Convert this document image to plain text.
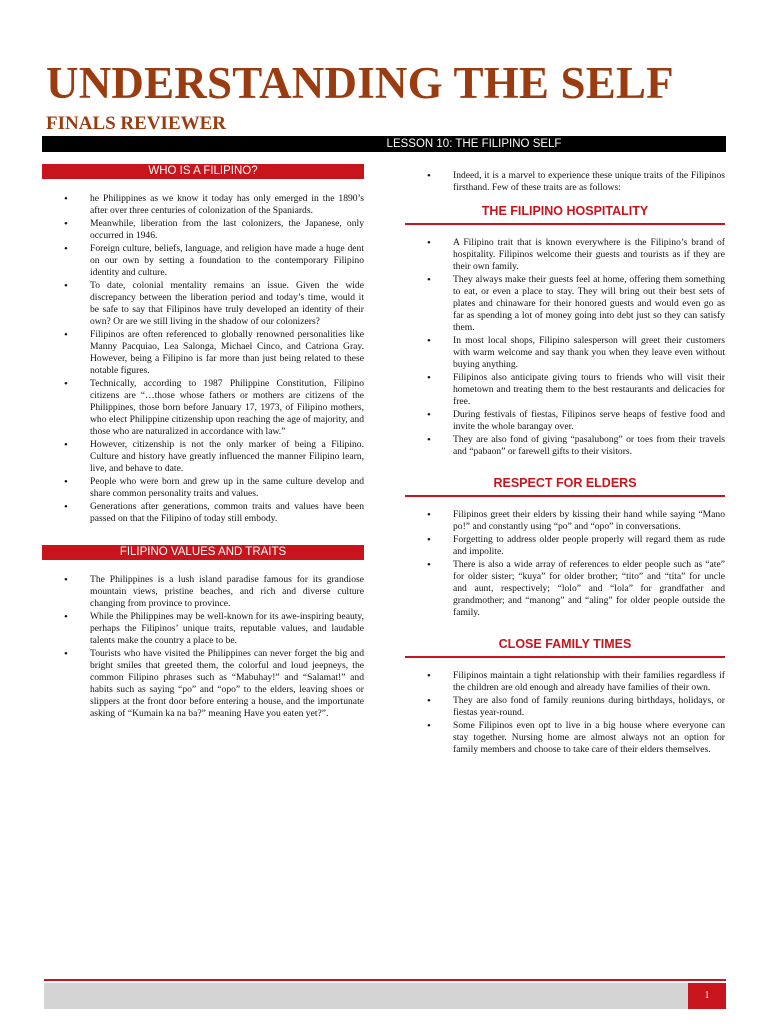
UNDERSTANDING THE SELF
FINALS REVIEWER
LESSON 10: THE FILIPINO SELF
WHO IS A FILIPINO?
• he Philippines as we know it today has only emerged in the 1890’s after over three centuries of colonization of the Spaniards.
• Meanwhile, liberation from the last colonizers, the Japanese, only occurred in 1946.
• Foreign culture, beliefs, language, and religion have made a huge dent on our own by setting a foundation to the contemporary Filipino identity and culture.
• To date, colonial mentality remains an issue. Given the wide discrepancy between the liberation period and today’s time, would it be safe to say that Filipinos have truly developed an identity of their own? Or are we still living in the shadow of our colonizers?
• Filipinos are often referenced to globally renowned personalities like Manny Pacquiao, Lea Salonga, Michael Cinco, and Catriona Gray. However, being a Filipino is far more than just being related to these notable figures.
• Technically, according to 1987 Philippine Constitution, Filipino citizens are “…those whose fathers or mothers are citizens of the Philippines, those born before January 17, 1973, of Filipino mothers, who elect Philippine citizenship upon reaching the age of majority, and those who are naturalized in accordance with law.”
• However, citizenship is not the only marker of being a Filipino. Culture and history have greatly influenced the manner Filipino learn, live, and behave to date.
• People who were born and grew up in the same culture develop and share common personality traits and values.
• Generations after generations, common traits and values have been passed on that the Filipino of today still embody.
FILIPINO VALUES AND TRAITS
• The Philippines is a lush island paradise famous for its grandiose mountain views, pristine beaches, and rich and diverse culture changing from province to province.
• While the Philippines may be well-known for its awe-inspiring beauty, perhaps the Filipinos’ unique traits, reputable values, and laudable talents make the country a place to be.
• Tourists who have visited the Philippines can never forget the big and bright smiles that greeted them, the colorful and loud jeepneys, the common Filipino phrases such as “Mabuhay!” and “Salamat!” and habits such as saying “po” and “opo” to the elders, leaving shoes or slippers at the front door before entering a house, and the importunate asking of “Kumain ka na ba?” meaning Have you eaten yet?”.
• Indeed, it is a marvel to experience these unique traits of the Filipinos firsthand. Few of these traits are as follows:
THE FILIPINO HOSPITALITY
• A Filipino trait that is known everywhere is the Filipino’s brand of hospitality. Filipinos welcome their guests and tourists as if they are their own family.
• They always make their guests feel at home, offering them something to eat, or even a place to stay. They will bring out their best sets of plates and chinaware for their honored guests and would even go as far as spending a lot of money going into debt just so they can satisfy them.
• In most local shops, Filipino salesperson will greet their customers with warm welcome and say thank you when they leave even without buying anything.
• Filipinos also anticipate giving tours to friends who will visit their hometown and treating them to the best restaurants and delicacies for free.
• During festivals of fiestas, Filipinos serve heaps of festive food and invite the whole barangay over.
• They are also fond of giving “pasalubong” or toes from their travels and “pabaon” or farewell gifts to their visitors.
RESPECT FOR ELDERS
• Filipinos greet their elders by kissing their hand while saying “Mano po!” and constantly using “po” and “opo” in conversations.
• Forgetting to address older people properly will regard them as rude and impolite.
• There is also a wide array of references to elder people such as “ate” for older sister; “kuya” for older brother; “tito” and “tita” for uncle and aunt, respectively; “lolo” and “lola” for grandfather and grandmother; and “manong” and “aling” for older people outside the family.
CLOSE FAMILY TIMES
• Filipinos maintain a tight relationship with their families regardless if the children are old enough and already have families of their own.
• They are also fond of family reunions during birthdays, holidays, or fiestas year-round.
• Some Filipinos even opt to live in a big house where everyone can stay together. Nursing home are almost always not an option for family members and choose to take care of their elders themselves.
1
